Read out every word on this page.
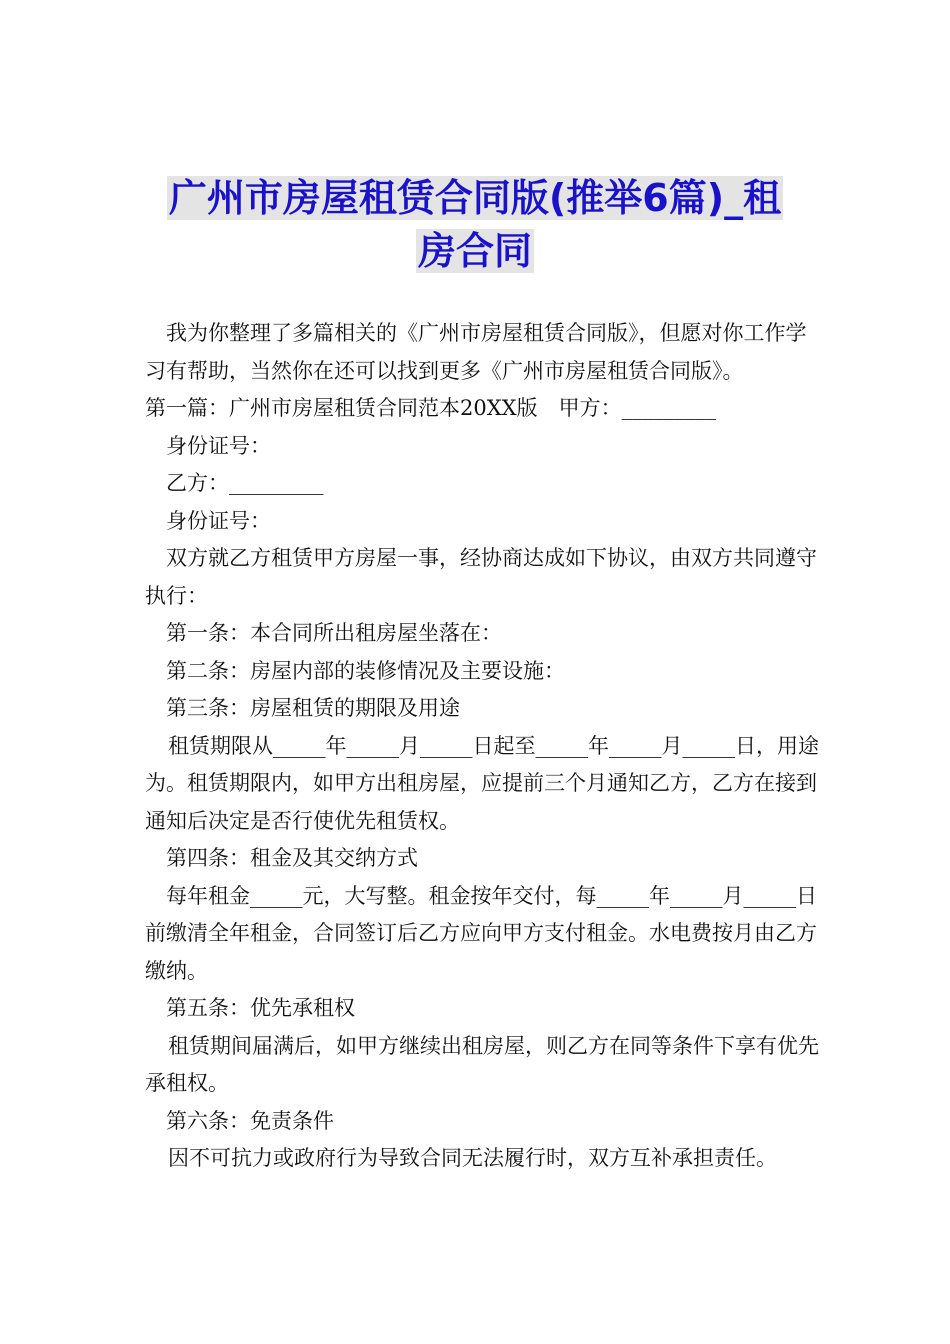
广州市房屋租赁合同版(推举6篇)_租
房合同

我为你整理了多篇相关的《广州市房屋租赁合同版》，但愿对你工作学习有帮助，当然你在还可以找到更多《广州市房屋租赁合同版》。

第一篇：广州市房屋租赁合同范本20XX版　甲方：_________

身份证号：

乙方：_________

身份证号：

双方就乙方租赁甲方房屋一事，经协商达成如下协议，由双方共同遵守执行：

第一条：本合同所出租房屋坐落在：

第二条：房屋内部的装修情况及主要设施：

第三条：房屋租赁的期限及用途

租赁期限从_____年_____月_____日起至_____年_____月_____日，用途为。租赁期限内，如甲方出租房屋，应提前三个月通知乙方，乙方在接到通知后决定是否行使优先租赁权。

第四条：租金及其交纳方式

每年租金_____元，大写整。租金按年交付，每_____年_____月_____日前缴清全年租金，合同签订后乙方应向甲方支付租金。水电费按月由乙方缴纳。

第五条：优先承租权

租赁期间届满后，如甲方继续出租房屋，则乙方在同等条件下享有优先承租权。

第六条：免责条件

因不可抗力或政府行为导致合同无法履行时，双方互补承担责任。
